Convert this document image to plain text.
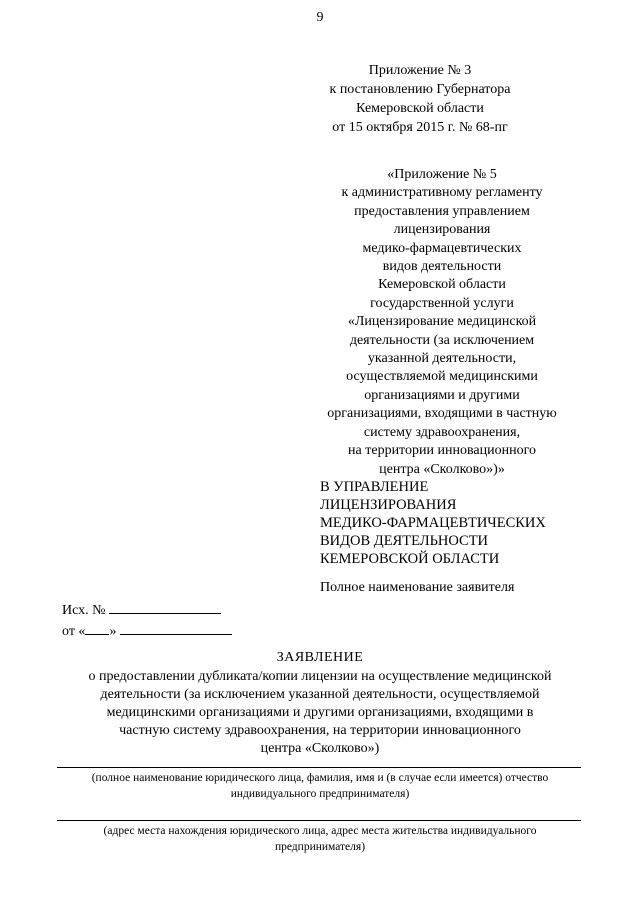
9
Приложение № 3
к постановлению Губернатора
Кемеровской области
от 15 октября 2015 г. № 68-пг
«Приложение № 5
к административному регламенту
предоставления управлением
лицензирования
медико-фармацевтических
видов деятельности
Кемеровской области
государственной услуги
«Лицензирование медицинской
деятельности (за исключением
указанной деятельности,
осуществляемой медицинскими
организациями и другими
организациями, входящими в частную
систему здравоохранения,
на территории инновационного
центра «Сколково»)»
В УПРАВЛЕНИЕ
ЛИЦЕНЗИРОВАНИЯ
МЕДИКО-ФАРМАЦЕВТИЧЕСКИХ
ВИДОВ ДЕЯТЕЛЬНОСТИ
КЕМЕРОВСКОЙ ОБЛАСТИ
Полное наименование заявителя
Исх. №
от « »
ЗАЯВЛЕНИЕ
о предоставлении дубликата/копии лицензии на осуществление медицинской
деятельности (за исключением указанной деятельности, осуществляемой
медицинскими организациями и другими организациями, входящими в
частную систему здравоохранения, на территории инновационного
центра «Сколково»)
(полное наименование юридического лица, фамилия, имя и (в случае если имеется) отчество
индивидуального предпринимателя)
(адрес места нахождения юридического лица, адрес места жительства индивидуального
предпринимателя)
